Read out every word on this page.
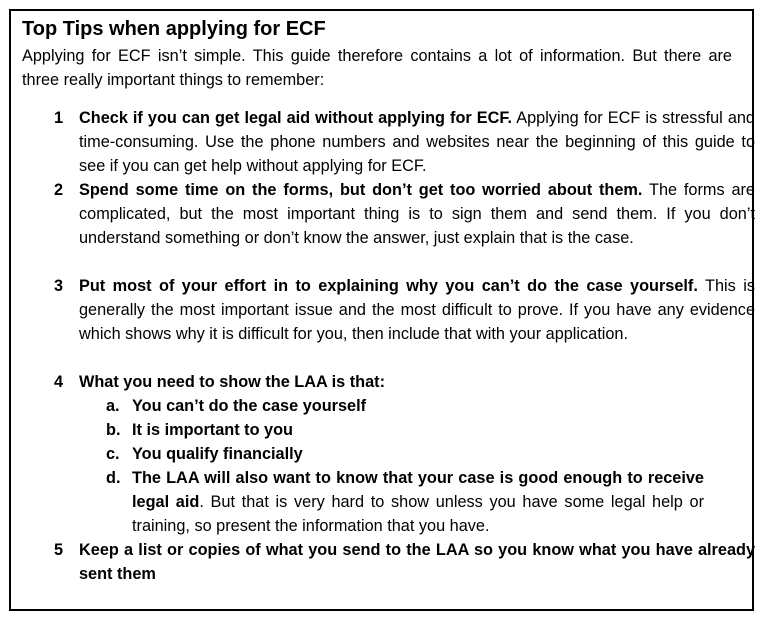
Top Tips when applying for ECF
Applying for ECF isn’t simple. This guide therefore contains a lot of information. But there are three really important things to remember:
1 Check if you can get legal aid without applying for ECF. Applying for ECF is stressful and time-consuming. Use the phone numbers and websites near the beginning of this guide to see if you can get help without applying for ECF.
2 Spend some time on the forms, but don’t get too worried about them. The forms are complicated, but the most important thing is to sign them and send them. If you don’t understand something or don’t know the answer, just explain that is the case.
3 Put most of your effort in to explaining why you can’t do the case yourself. This is generally the most important issue and the most difficult to prove. If you have any evidence which shows why it is difficult for you, then include that with your application.
4 What you need to show the LAA is that:
a. You can’t do the case yourself
b. It is important to you
c. You qualify financially
d. The LAA will also want to know that your case is good enough to receive legal aid. But that is very hard to show unless you have some legal help or training, so present the information that you have.
5 Keep a list or copies of what you send to the LAA so you know what you have already sent them
